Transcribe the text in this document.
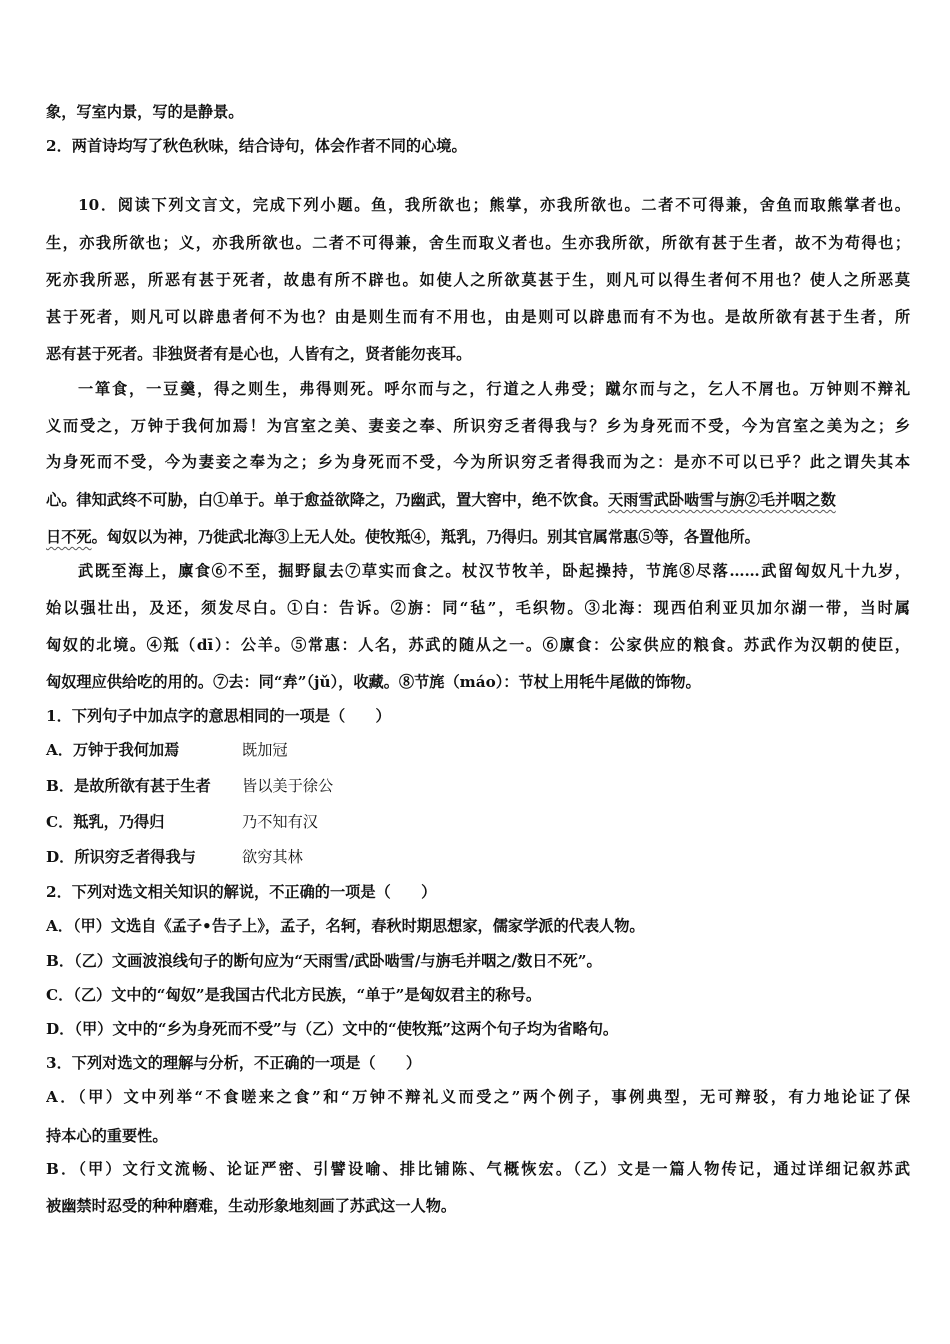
象，写室内景，写的是静景。
2．两首诗均写了秋色秋味，结合诗句，体会作者不同的心境。
10．阅读下列文言文，完成下列小题。鱼，我所欲也；熊掌，亦我所欲也。二者不可得兼，舍鱼而取熊掌者也。
生，亦我所欲也；义，亦我所欲也。二者不可得兼，舍生而取义者也。生亦我所欲，所欲有甚于生者，故不为苟得也；
死亦我所恶，所恶有甚于死者，故患有所不辟也。如使人之所欲莫甚于生，则凡可以得生者何不用也？使人之所恶莫
甚于死者，则凡可以辟患者何不为也？由是则生而有不用也，由是则可以辟患而有不为也。是故所欲有甚于生者，所
恶有甚于死者。非独贤者有是心也，人皆有之，贤者能勿丧耳。
一箪食，一豆羹，得之则生，弗得则死。呼尔而与之，行道之人弗受；蹴尔而与之，乞人不屑也。万钟则不辩礼
义而受之，万钟于我何加焉！为宫室之美、妻妾之奉、所识穷乏者得我与？乡为身死而不受，今为宫室之美为之；乡
为身死而不受，今为妻妾之奉为之；乡为身死而不受，今为所识穷乏者得我而为之：是亦不可以已乎？此之谓失其本
心。律知武终不可胁，白①单于。单于愈益欲降之，乃幽武，置大窖中，绝不饮食。天雨雪武卧啮雪与旃②毛并咽之数
日不死。匈奴以为神，乃徙武北海③上无人处。使牧羝④，羝乳，乃得归。别其官属常惠⑤等，各置他所。
武既至海上，廪食⑥不至，掘野鼠去⑦草实而食之。杖汉节牧羊，卧起操持，节旄⑧尽落……武留匈奴凡十九岁，
始以强壮出，及还，须发尽白。①白：告诉。②旃：同“毡”，毛织物。③北海：现西伯利亚贝加尔湖一带，当时属
匈奴的北境。④羝（dī）：公羊。⑤常惠：人名，苏武的随从之一。⑥廪食：公家供应的粮食。苏武作为汉朝的使臣，
匈奴理应供给吃的用的。⑦去：同“弆”（jǔ），收藏。⑧节旄（máo）：节杖上用牦牛尾做的饰物。
1．下列句子中加点字的意思相同的一项是（　　）
A．万钟于我何加焉	既加冠
B．是故所欲有甚于生者 皆以美于徐公
C．羝乳，乃得归	乃不知有汉
D．所识穷乏者得我与	欲穷其林
2．下列对选文相关知识的解说，不正确的一项是（　　）
A．（甲）文选自《孟子•告子上》，孟子，名轲，春秋时期思想家，儒家学派的代表人物。
B．（乙）文画波浪线句子的断句应为“天雨雪/武卧啮雪/与旃毛并咽之/数日不死”。
C．（乙）文中的“匈奴”是我国古代北方民族，“单于”是匈奴君主的称号。
D．（甲）文中的“乡为身死而不受”与（乙）文中的“使牧羝”这两个句子均为省略句。
3．下列对选文的理解与分析，不正确的一项是（　　）
A．（甲）文中列举“不食嗟来之食”和“万钟不辩礼义而受之”两个例子，事例典型，无可辩驳，有力地论证了保
持本心的重要性。
B．（甲）文行文流畅、论证严密、引譬设喻、排比铺陈、气概恢宏。（乙）文是一篇人物传记，通过详细记叙苏武
被幽禁时忍受的种种磨难，生动形象地刻画了苏武这一人物。
